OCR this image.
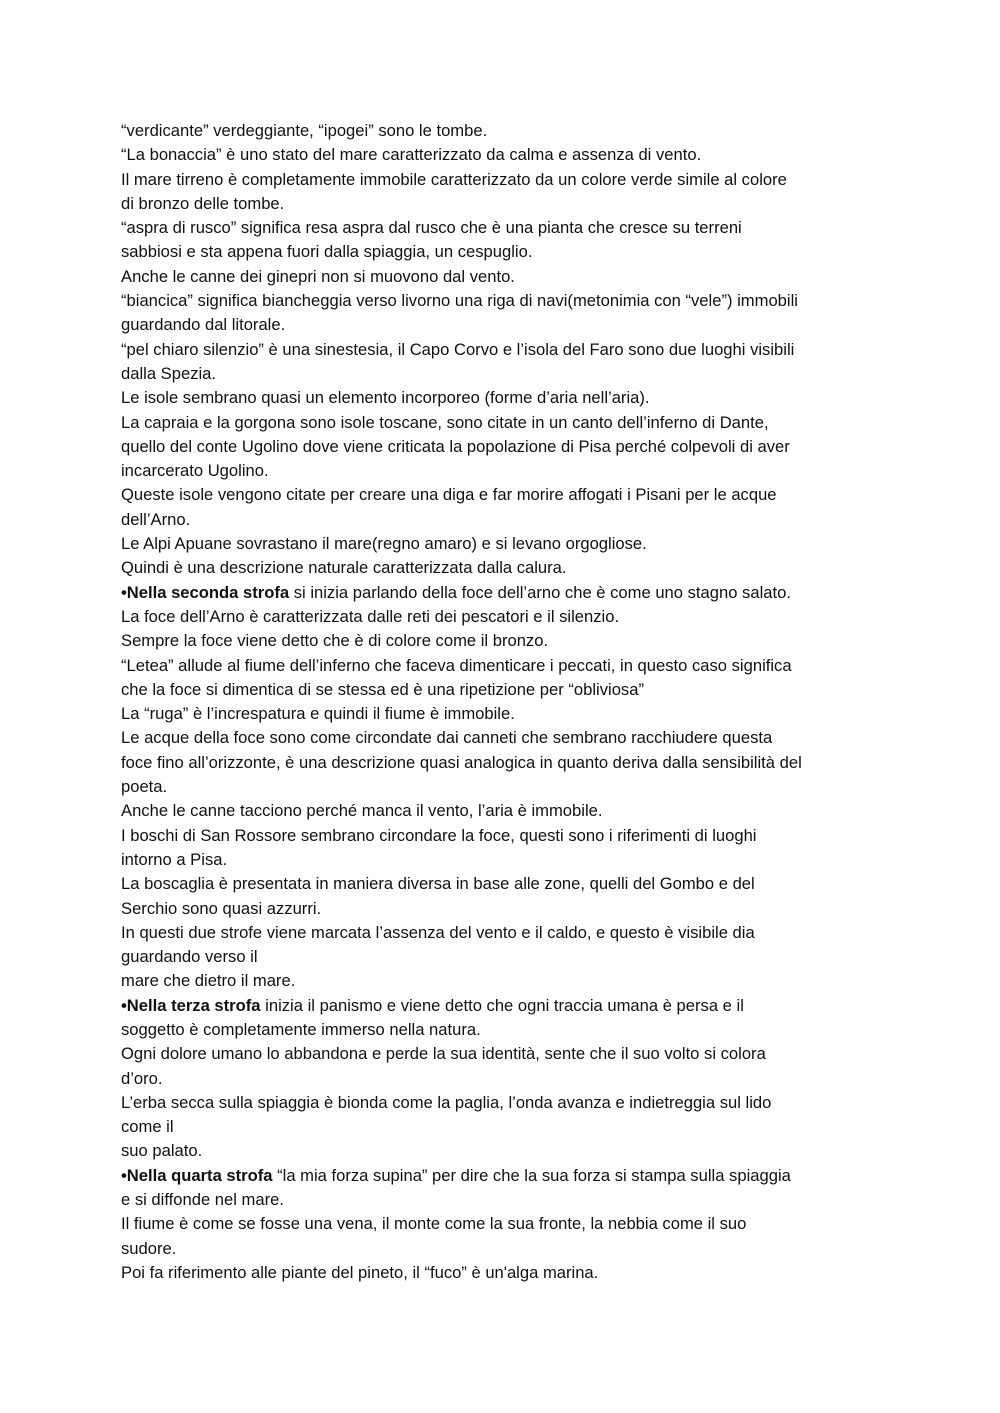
“verdicante” verdeggiante, “ipogei” sono le tombe.
“La bonaccia” è uno stato del mare caratterizzato da calma e assenza di vento.
Il mare tirreno è completamente immobile caratterizzato da un colore verde simile al colore
di bronzo delle tombe.
“aspra di rusco” significa resa aspra dal rusco che è una pianta che cresce su terreni
sabbiosi e sta appena fuori dalla spiaggia, un cespuglio.
Anche le canne dei ginepri non si muovono dal vento.
“biancica” significa biancheggia verso livorno una riga di navi(metonimia con “vele”) immobili
guardando dal litorale.
“pel chiaro silenzio” è una sinestesia, il Capo Corvo e l’isola del Faro sono due luoghi visibili
dalla Spezia.
Le isole sembrano quasi un elemento incorporeo (forme d’aria nell’aria).
La capraia e la gorgona sono isole toscane, sono citate in un canto dell’inferno di Dante,
quello del conte Ugolino dove viene criticata la popolazione di Pisa perché colpevoli di aver
incarcerato Ugolino.
Queste isole vengono citate per creare una diga e far morire affogati i Pisani per le acque
dell’Arno.
Le Alpi Apuane sovrastano il mare(regno amaro) e si levano orgogliose.
Quindi è una descrizione naturale caratterizzata dalla calura.
•Nella seconda strofa si inizia parlando della foce dell’arno che è come uno stagno salato.
La foce dell’Arno è caratterizzata dalle reti dei pescatori e il silenzio.
Sempre la foce viene detto che è di colore come il bronzo.
“Letea” allude al fiume dell’inferno che faceva dimenticare i peccati, in questo caso significa
che la foce si dimentica di se stessa ed è una ripetizione per “obliviosa”
La “ruga” è l’increspatura e quindi il fiume è immobile.
Le acque della foce sono come circondate dai canneti che sembrano racchiudere questa
foce fino all’orizzonte, è una descrizione quasi analogica in quanto deriva dalla sensibilità del
poeta.
Anche le canne tacciono perché manca il vento, l’aria è immobile.
I boschi di San Rossore sembrano circondare la foce, questi sono i riferimenti di luoghi
intorno a Pisa.
La boscaglia è presentata in maniera diversa in base alle zone, quelli del Gombo e del
Serchio sono quasi azzurri.
In questi due strofe viene marcata l’assenza del vento e il caldo, e questo è visibile dia
guardando verso il
mare che dietro il mare.
•Nella terza strofa inizia il panismo e viene detto che ogni traccia umana è persa e il
soggetto è completamente immerso nella natura.
Ogni dolore umano lo abbandona e perde la sua identità, sente che il suo volto si colora
d’oro.
L’erba secca sulla spiaggia è bionda come la paglia, l’onda avanza e indietreggia sul lido
come il
suo palato.
•Nella quarta strofa “la mia forza supina” per dire che la sua forza si stampa sulla spiaggia
e si diffonde nel mare.
Il fiume è come se fosse una vena, il monte come la sua fronte, la nebbia come il suo
sudore.
Poi fa riferimento alle piante del pineto, il “fuco” è un'alga marina.
